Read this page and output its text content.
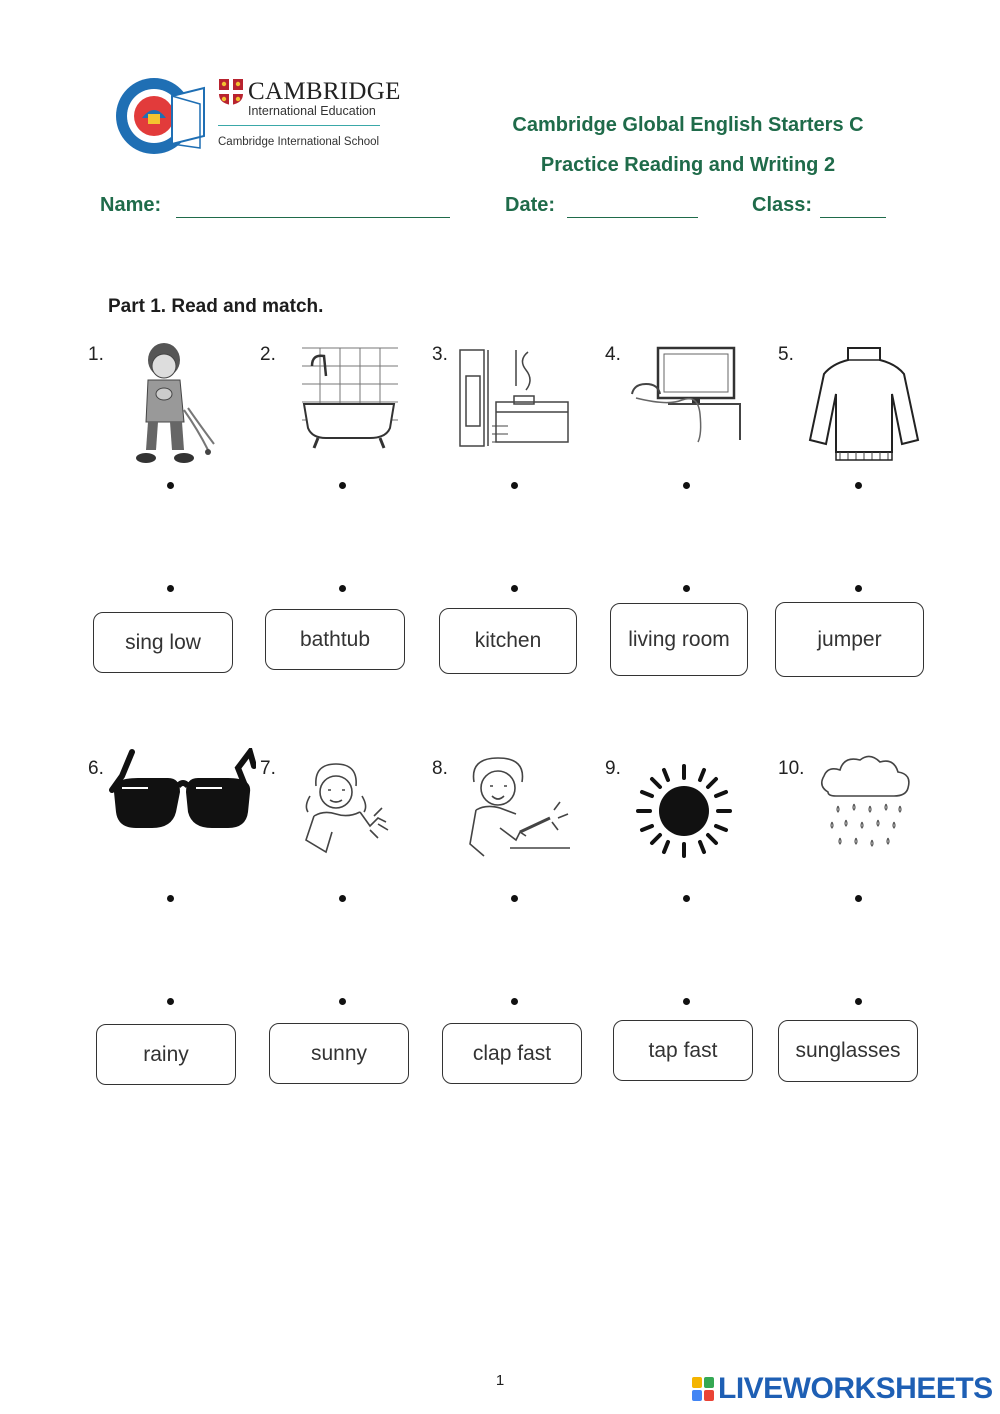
CAMBRIDGE
International Education
Cambridge International School
Cambridge Global English Starters C
Practice Reading and Writing 2
Name:	Date:	Class:
Part 1. Read and match.
1.	2.	3.	4.	5.
sing low	bathtub	kitchen	living room	jumper
6.	7.	8.	9.	10.
rainy	sunny	clap fast	tap fast	sunglasses
1	LIVEWORKSHEETS
